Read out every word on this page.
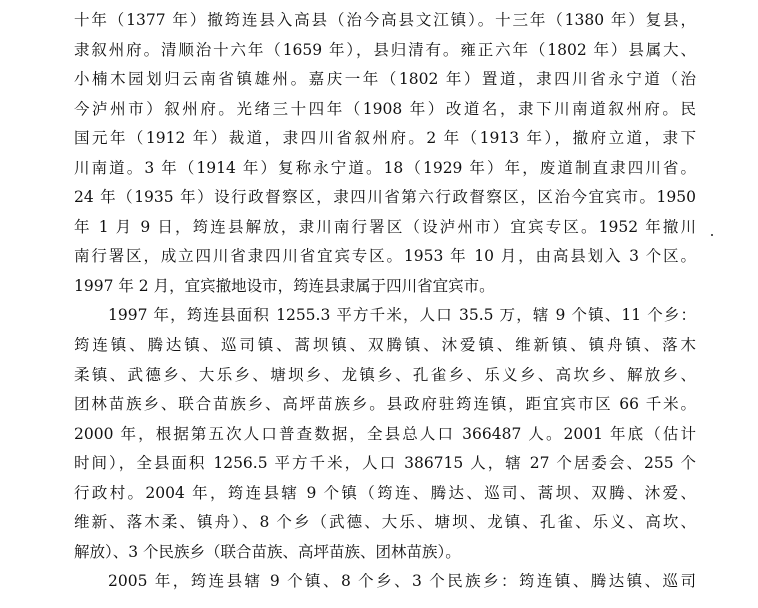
十年（1377 年）撤筠连县入高县（治今高县文江镇）。十三年（1380 年）复县，
隶叙州府。清顺治十六年（1659 年），县归清有。雍正六年（1802 年）县属大、
小楠木园划归云南省镇雄州。嘉庆一年（1802 年）置道，隶四川省永宁道（治
今泸州市）叙州府。光绪三十四年（1908 年）改道名，隶下川南道叙州府。民
国元年（1912 年）裁道，隶四川省叙州府。2 年（1913 年），撤府立道，隶下
川南道。3 年（1914 年）复称永宁道。18（1929 年）年，废道制直隶四川省。
24 年（1935 年）设行政督察区，隶四川省第六行政督察区，区治今宜宾市。1950
年 1 月 9 日，筠连县解放，隶川南行署区（设泸州市）宜宾专区。1952 年撤川
南行署区，成立四川省隶四川省宜宾专区。1953 年 10 月，由高县划入 3 个区。
1997 年 2 月，宜宾撤地设市，筠连县隶属于四川省宜宾市。
1997 年，筠连县面积 1255.3 平方千米，人口 35.5 万，辖 9 个镇、11 个乡：
筠连镇、腾达镇、巡司镇、蒿坝镇、双腾镇、沐爱镇、维新镇、镇舟镇、落木
柔镇、武德乡、大乐乡、塘坝乡、龙镇乡、孔雀乡、乐义乡、高坎乡、解放乡、
团林苗族乡、联合苗族乡、高坪苗族乡。县政府驻筠连镇，距宜宾市区 66 千米。
2000 年，根据第五次人口普查数据，全县总人口 366487 人。2001 年底（估计
时间），全县面积 1256.5 平方千米，人口 386715 人，辖 27 个居委会、255 个
行政村。2004 年，筠连县辖 9 个镇（筠连、腾达、巡司、蒿坝、双腾、沐爱、
维新、落木柔、镇舟）、8 个乡（武德、大乐、塘坝、龙镇、孔雀、乐义、高坎、
解放）、3 个民族乡（联合苗族、高坪苗族、团林苗族）。
2005 年，筠连县辖 9 个镇、8 个乡、3 个民族乡：筠连镇、腾达镇、巡司
